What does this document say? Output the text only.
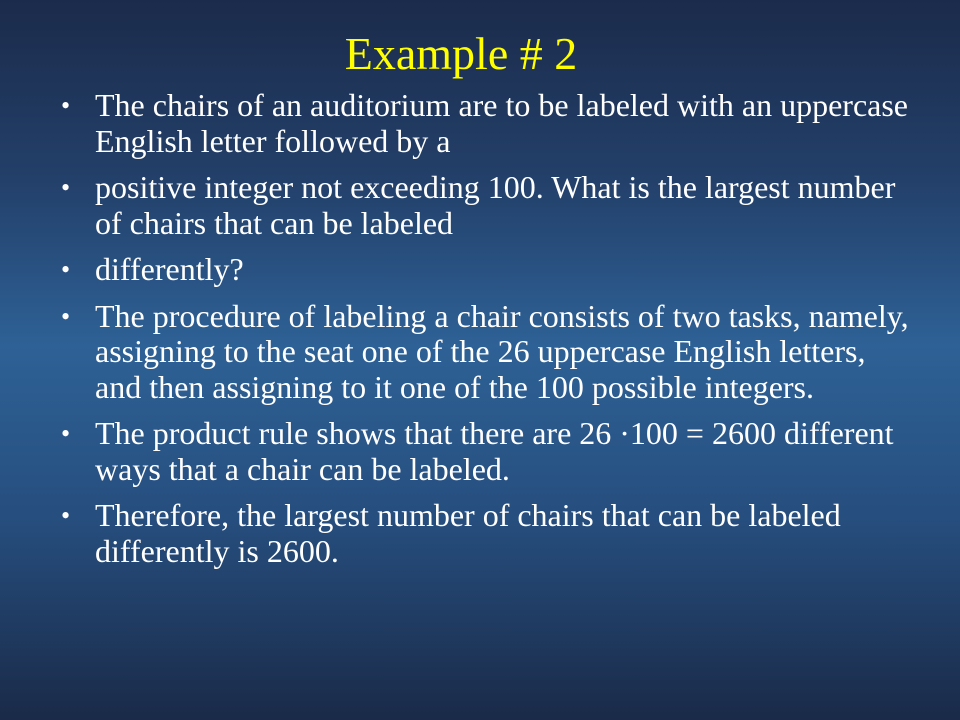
Example # 2
• The chairs of an auditorium are to be labeled with an uppercase English letter followed by a
• positive integer not exceeding 100. What is the largest number of chairs that can be labeled
• differently?
• The procedure of labeling a chair consists of two tasks, namely, assigning to the seat one of the 26 uppercase English letters, and then assigning to it one of the 100 possible integers.
• The product rule shows that there are 26 ·100 = 2600 different ways that a chair can be labeled.
• Therefore, the largest number of chairs that can be labeled differently is 2600.
